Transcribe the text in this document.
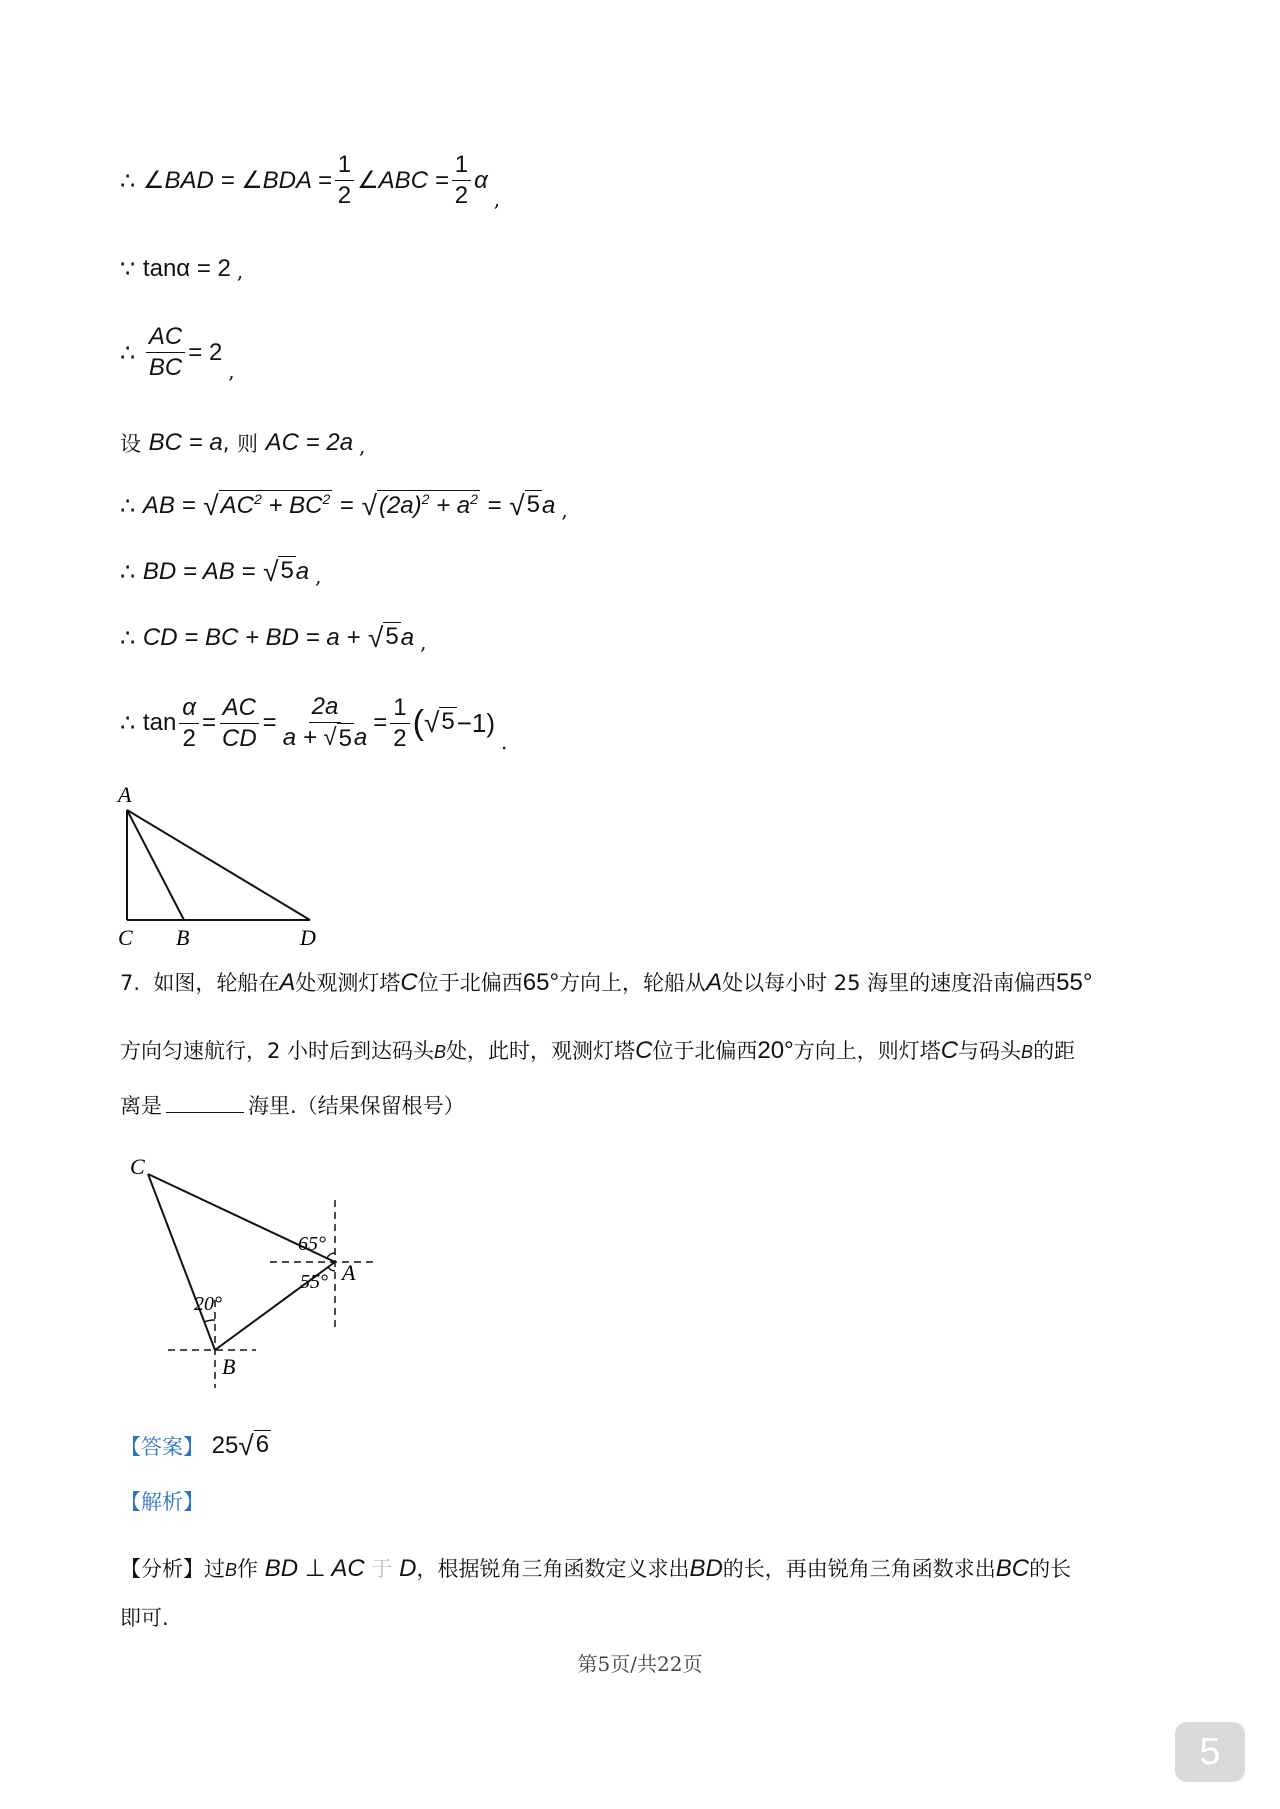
∴
∠BAD = ∠BDA = $\frac{1}{2}$ ∠ABC = $\frac{1}{2}$ α
,
∵
tanα = 2 ,
∴
$\frac{AC}{BC} = 2$
,
设
BC = a ,
则
AC = 2a ,
∴
AB =
√ $AC^2 + BC^2$
=
√ $(2a)^2 + a^2$
=
√ 5 a ,
∴
BD = AB =
√ 5 a ,
∴
CD = BC + BD = a +
√ 5 a ,
∴
$\tan \frac{\alpha}{2} = \frac{AC}{CD} = \frac{2a}{a + √ 5 a} = \frac{1}{2}$ ( √ 5 −1)
.
A
C B	D
7. 如图，轮船在A处观测灯塔C位于北偏西65°方向上，轮船从A处以每小时 25 海里的速度沿南偏西55°
方向匀速航行，2 小时后到达码头B处，此时，观测灯塔C位于北偏西20°方向上，则灯塔C与码头B的距
离是	海里.（结果保留根号）
C
A
B
65°
55°
20°
【答案】
25 √ 6
【解析】
【分析】过B作 BD ⊥ AC 于 D，根据锐角三角函数定义求出BD的长，再由锐角三角函数求出BC的长
即可.
第5页/共22页
5
